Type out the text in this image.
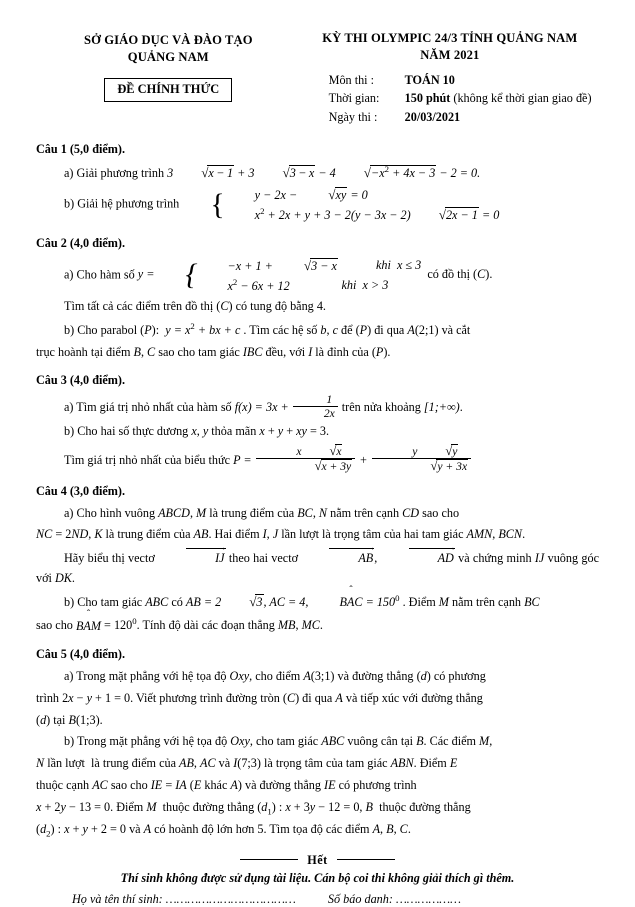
SỞ GIÁO DỤC VÀ ĐÀO TẠO
QUẢNG NAM
ĐỀ CHÍNH THỨC
KỲ THI OLYMPIC 24/3 TỈNH QUẢNG NAM
NĂM 2021
Môn thi :	TOÁN 10
Thời gian:	150 phút (không kể thời gian giao đề)
Ngày thi :	20/03/2021
Câu 1 (5,0 điểm).
a) Giải phương trình 3 √x − 1 + 3 √3 − x − 4 $√-x^2 + 4x - 3 - 2 = 0$.
b) Giải hệ phương trình	{	y − 2x − √xy = 0
$x^2 + 2x + y + 3 - 2(y - 3x - 2) √2x - 1 = 0$
Câu 2 (4,0 điểm).
a) Cho hàm số y = {	−x + 1 + √3 − x	khi  x ≤ 3
$x^2 - 6x + 12$	khi  x > 3
có đồ thị (C).
Tìm tất cả các điểm trên đồ thị (C) có tung độ bằng 4.
b) Cho parabol (P):  $y = x^2$ + bx + c . Tìm các hệ số b, c để (P) đi qua A(2;1) và cắt
trục hoành tại điểm B, C sao cho tam giác IBC đều, với I là đỉnh của (P).
Câu 3 (4,0 điểm).
a) Tìm giá trị nhỏ nhất của hàm số $f(x) = 3x + \frac{1}{2x}$ trên nửa khoảng [1;+∞).
b) Cho hai số thực dương x, y thỏa mãn x + y + xy = 3.
Tìm giá trị nhỏ nhất của biểu thức $P = \frac{x √x}{√x + 3y} + \frac{y √y}{√y + 3x}$
Câu 4 (3,0 điểm).
a) Cho hình vuông ABCD, M là trung điểm của BC, N nằm trên cạnh CD sao cho
NC = 2ND, K là trung điểm của AB. Hai điểm I, J lần lượt là trọng tâm của hai tam giác AMN, BCN.
Hãy biểu thị vectơ
→
IJ theo hai vectơ
→
AB,
→
AD và chứng minh IJ vuông góc với DK.
b) Cho tam giác ABC có AB = 2 √3, AC = 4,
BAC = $150^0$ . Điểm M nằm trên cạnh BC
sao cho
BAM = $120^0$. Tính độ dài các đoạn thẳng MB, MC.
Câu 5 (4,0 điểm).
a) Trong mặt phẳng với hệ tọa độ Oxy, cho điểm A(3;1) và đường thẳng (d) có phương
trình 2x − y + 1 = 0. Viết phương trình đường tròn (C) đi qua A và tiếp xúc với đường thẳng
(d) tại B(1;3).
b) Trong mặt phẳng với hệ tọa độ Oxy, cho tam giác ABC vuông cân tại B. Các điểm M,
N lần lượt  là trung điểm của AB, AC và I(7;3) là trọng tâm của tam giác ABN. Điểm E
thuộc cạnh AC sao cho IE = IA (E khác A) và đường thẳng IE có phương trình
x + 2y − 13 = 0. Điểm M  thuộc đường thẳng $(d_1)$ : x + 3y − 12 = 0, B  thuộc đường thẳng
$(d_2)$ : x + y + 2 = 0 và A có hoành độ lớn hơn 5. Tìm tọa độ các điểm A, B, C.
Hết
Thí sinh không được sử dụng tài liệu. Cán bộ coi thi không giải thích gì thêm.
Họ và tên thí sinh: ………………………………	Số báo danh: ………………
